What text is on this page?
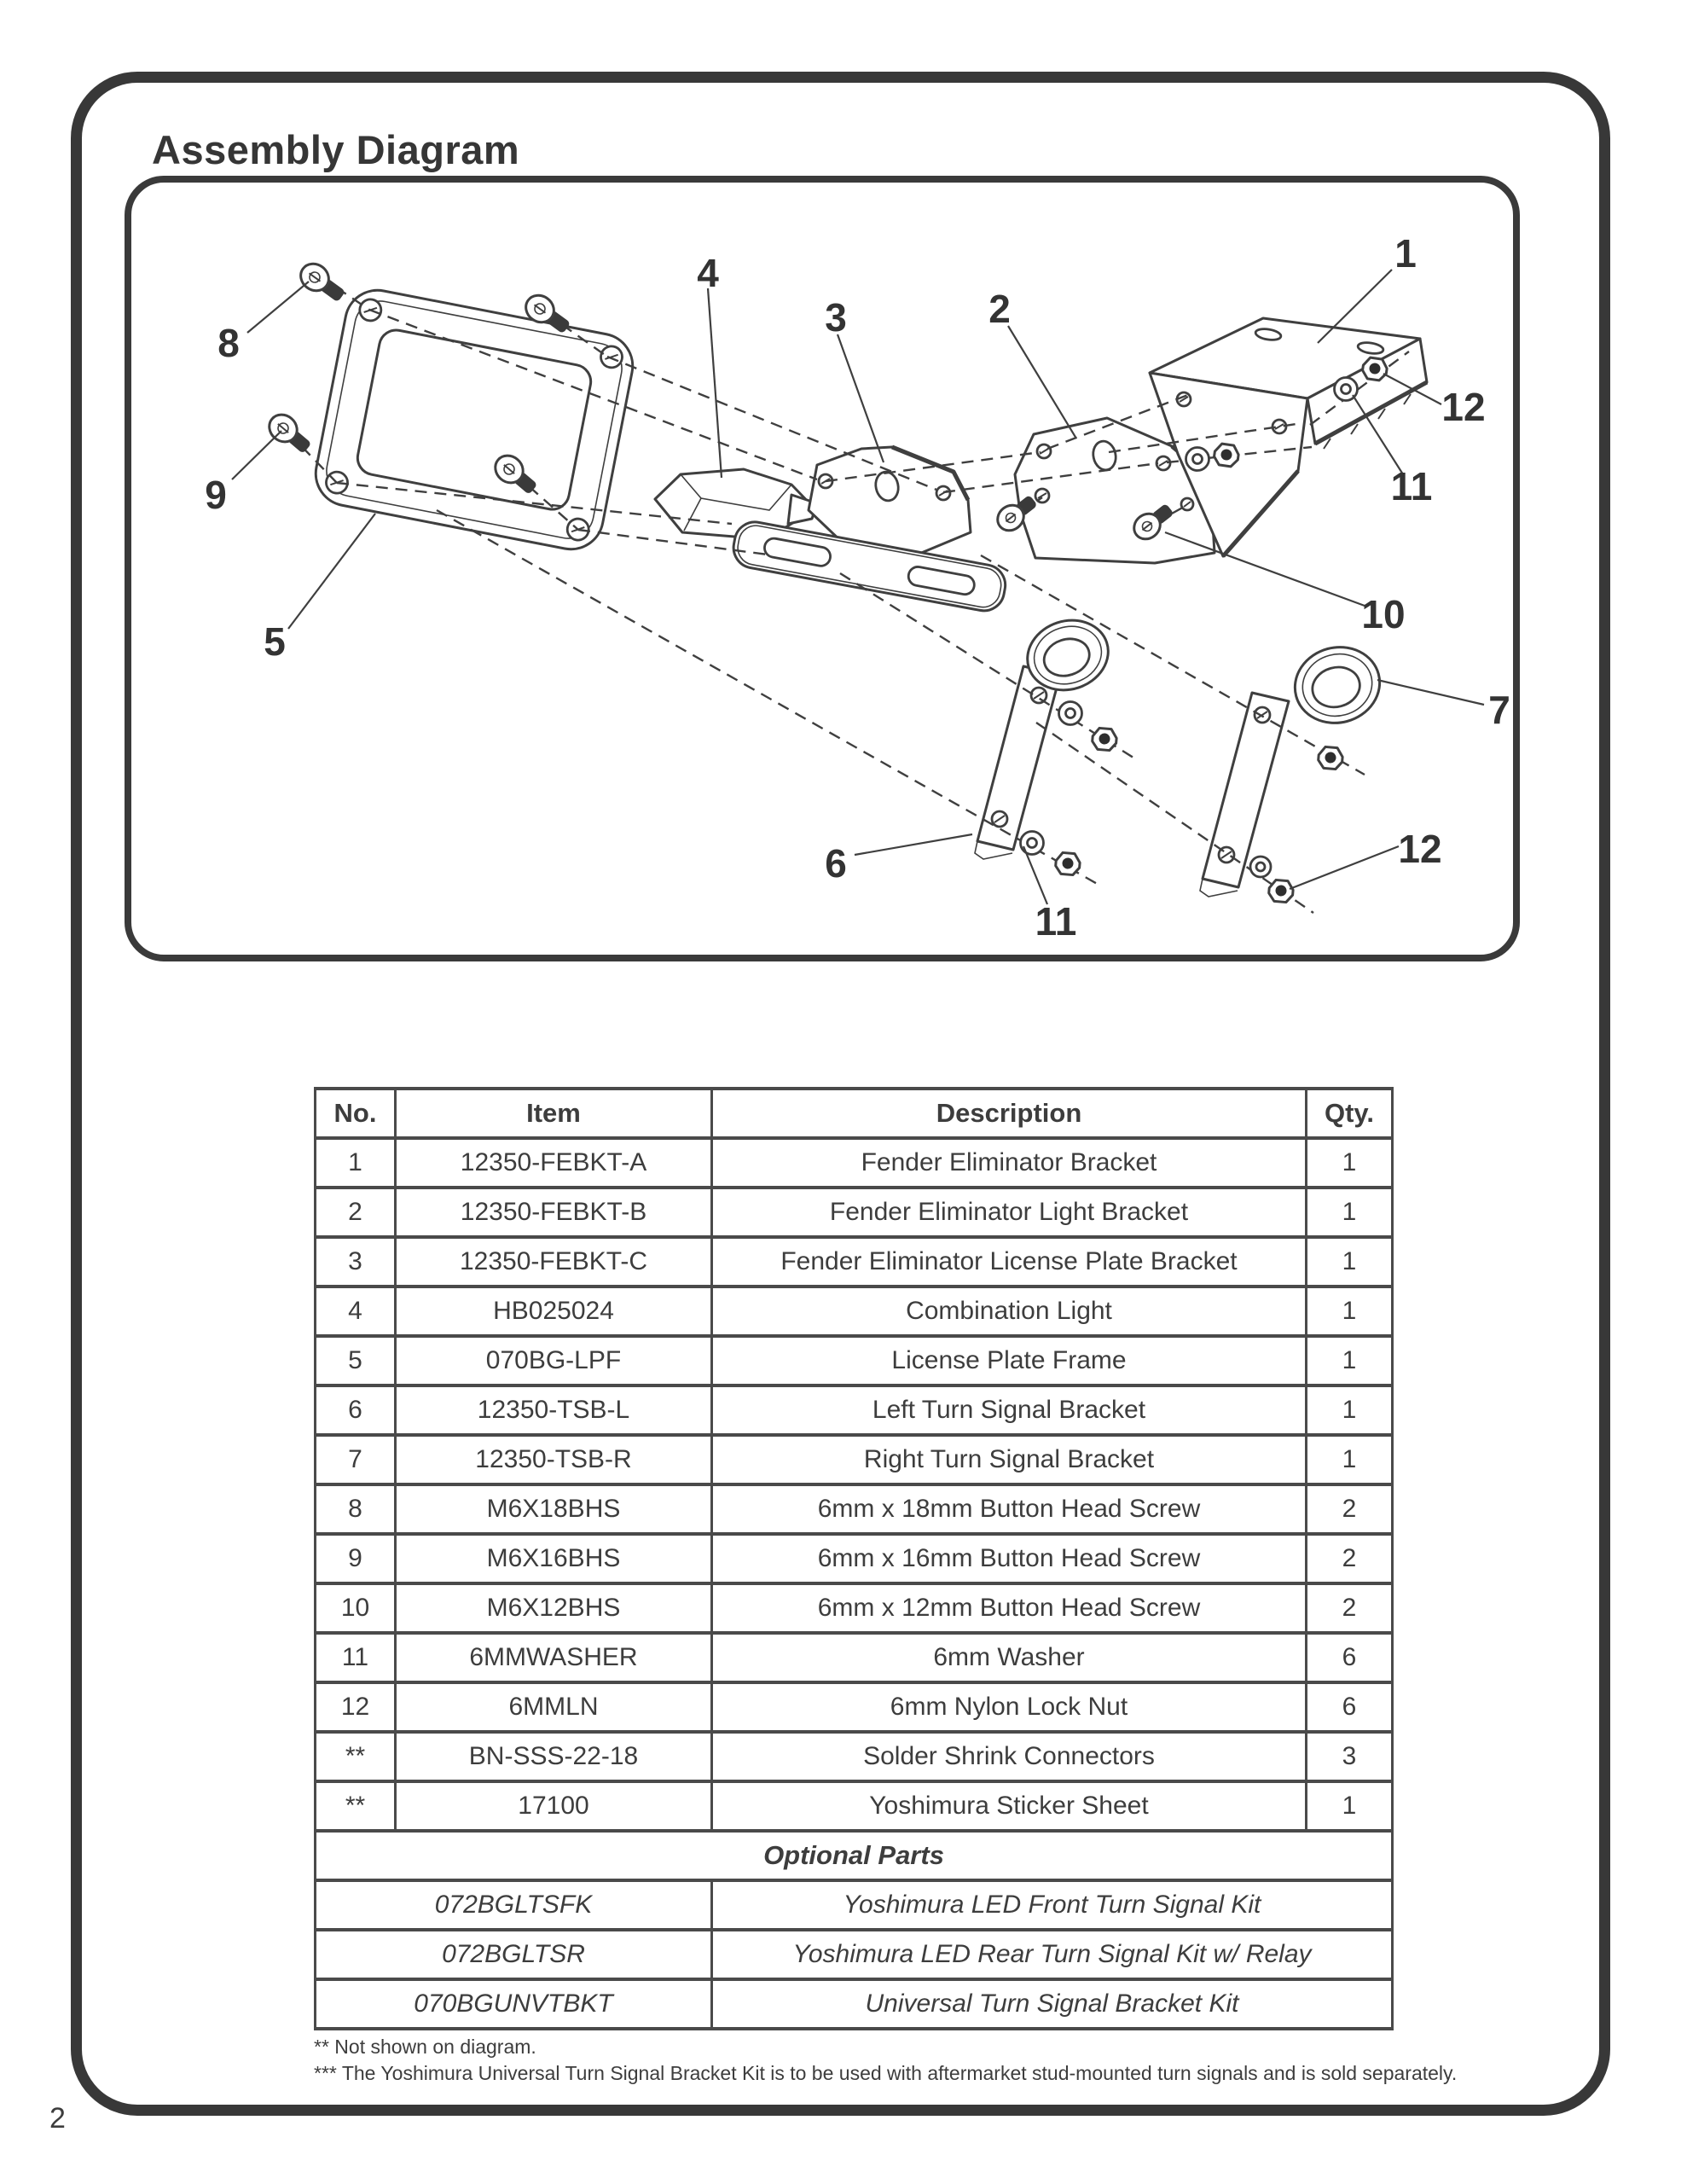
Assembly Diagram
8
9
5
4
3	2
1
12
11
10
7
12
6
11
No.	Item	Description	Qty.
1	12350-FEBKT-A	Fender Eliminator Bracket	1
2	12350-FEBKT-B	Fender Eliminator Light Bracket	1
3	12350-FEBKT-C	Fender Eliminator License Plate Bracket	1
4	HB025024	Combination Light	1
5	070BG-LPF	License Plate Frame	1
6	12350-TSB-L	Left Turn Signal Bracket	1
7	12350-TSB-R	Right Turn Signal Bracket	1
8	M6X18BHS	6mm x 18mm Button Head Screw	2
9	M6X16BHS	6mm x 16mm Button Head Screw	2
10	M6X12BHS	6mm x 12mm Button Head Screw	2
11	6MMWASHER	6mm Washer	6
12	6MMLN	6mm Nylon Lock Nut	6
**	BN-SSS-22-18	Solder Shrink Connectors	3
**	17100	Yoshimura Sticker Sheet	1
Optional Parts			
072BGLTSFK		Yoshimura LED Front Turn Signal Kit	
072BGLTSR		Yoshimura LED Rear Turn Signal Kit w/ Relay	
070BGUNVTBKT		Universal Turn Signal Bracket Kit	
** Not shown on diagram.
*** The Yoshimura Universal Turn Signal Bracket Kit is to be used with aftermarket stud-mounted turn signals and is sold separately.
2
